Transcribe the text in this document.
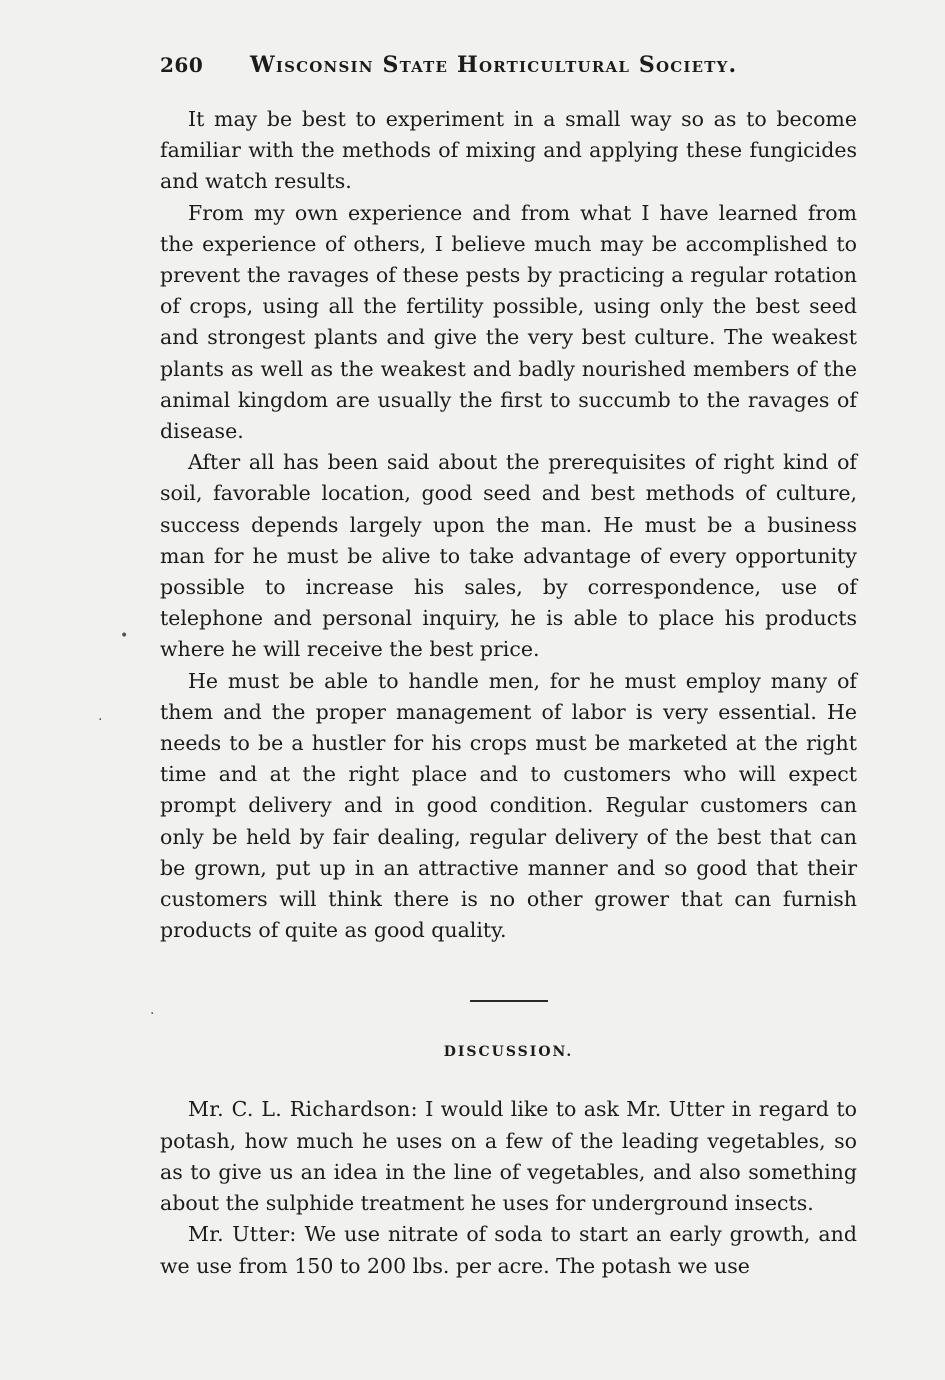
260	Wisconsin State Horticultural Society.

It may be best to experiment in a small way so as to become familiar with the methods of mixing and applying these fungicides and watch results.

From my own experience and from what I have learned from the experience of others, I believe much may be accomplished to prevent the ravages of these pests by practicing a regular rotation of crops, using all the fertility possible, using only the best seed and strongest plants and give the very best culture. The weakest plants as well as the weakest and badly nourished members of the animal kingdom are usually the first to succumb to the ravages of disease.

After all has been said about the prerequisites of right kind of soil, favorable location, good seed and best methods of culture, success depends largely upon the man. He must be a business man for he must be alive to take advantage of every opportunity possible to increase his sales, by correspondence, use of telephone and personal inquiry, he is able to place his products where he will receive the best price.

He must be able to handle men, for he must employ many of them and the proper management of labor is very essential. He needs to be a hustler for his crops must be marketed at the right time and at the right place and to customers who will expect prompt delivery and in good condition. Regular customers can only be held by fair dealing, regular delivery of the best that can be grown, put up in an attractive manner and so good that their customers will think there is no other grower that can furnish products of quite as good quality.

DISCUSSION.

Mr. C. L. Richardson: I would like to ask Mr. Utter in regard to potash, how much he uses on a few of the leading vegetables, so as to give us an idea in the line of vegetables, and also something about the sulphide treatment he uses for underground insects.

Mr. Utter: We use nitrate of soda to start an early growth, and we use from 150 to 200 lbs. per acre. The potash we use

•
·
·
